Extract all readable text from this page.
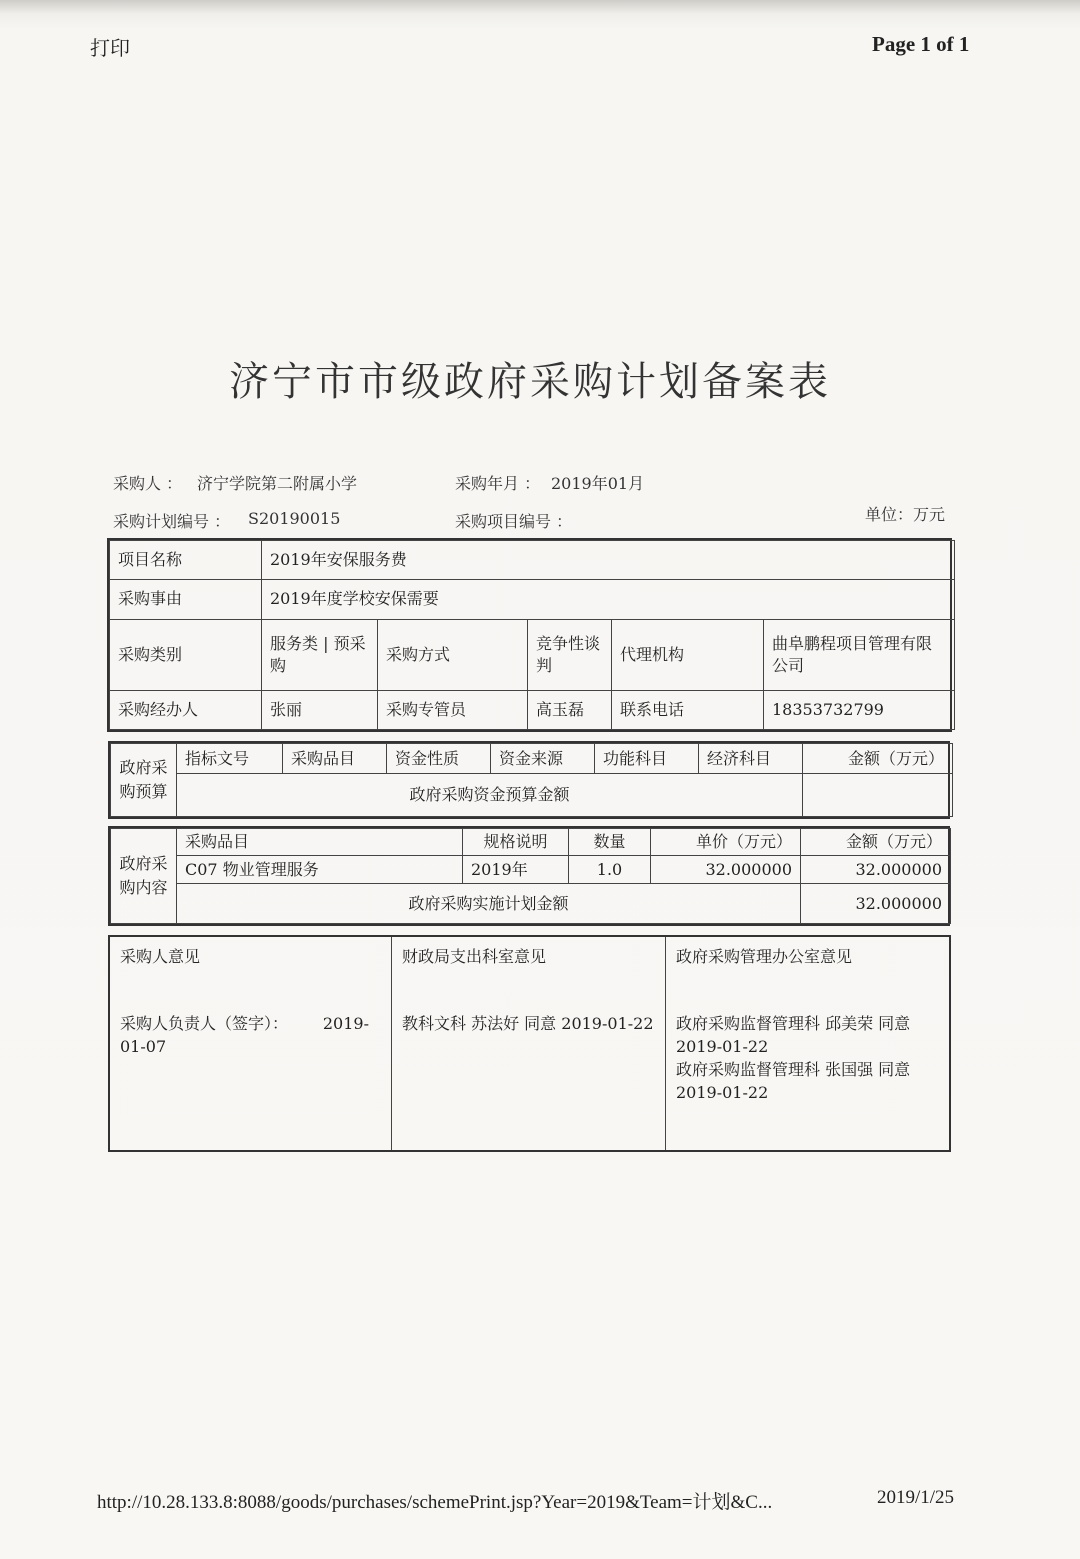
打印	Page 1 of 1
济宁市市级政府采购计划备案表
采购人 ： 济宁学院第二附属小学	采购年月 ： 2019年01月
采购计划编号 ： S20190015	采购项目编号 ：	单位：万元
项目名称	2019年安保服务费				
采购事由	2019年度学校安保需要				
采购类别	服务类 | 预采购	采购方式	竞争性谈判	代理机构	曲阜鹏程项目管理有限公司
采购经办人	张丽	采购专管员	高玉磊	联系电话	18353732799
政府采购预算	指标文号	采购品目	资金性质	资金来源	功能科目	经济科目	金额（万元）
	政府采购资金预算金额						
政府采购内容	采购品目	规格说明	数量	单价（万元）	金额（万元）
	C07 物业管理服务	2019年	1.0	32.000000	32.000000
	政府采购实施计划金额				32.000000
采购人意见
采购人负责人（签字）： 2019-
01-07
财政局支出科室意见
教科文科 苏法好 同意 2019-01-22
政府采购管理办公室意见
政府采购监督管理科 邱美荣 同意
2019-01-22
政府采购监督管理科 张国强 同意
2019-01-22
http://10.28.133.8:8088/goods/purchases/schemePrint.jsp?Year=2019&Team=计划&C...	2019/1/25
